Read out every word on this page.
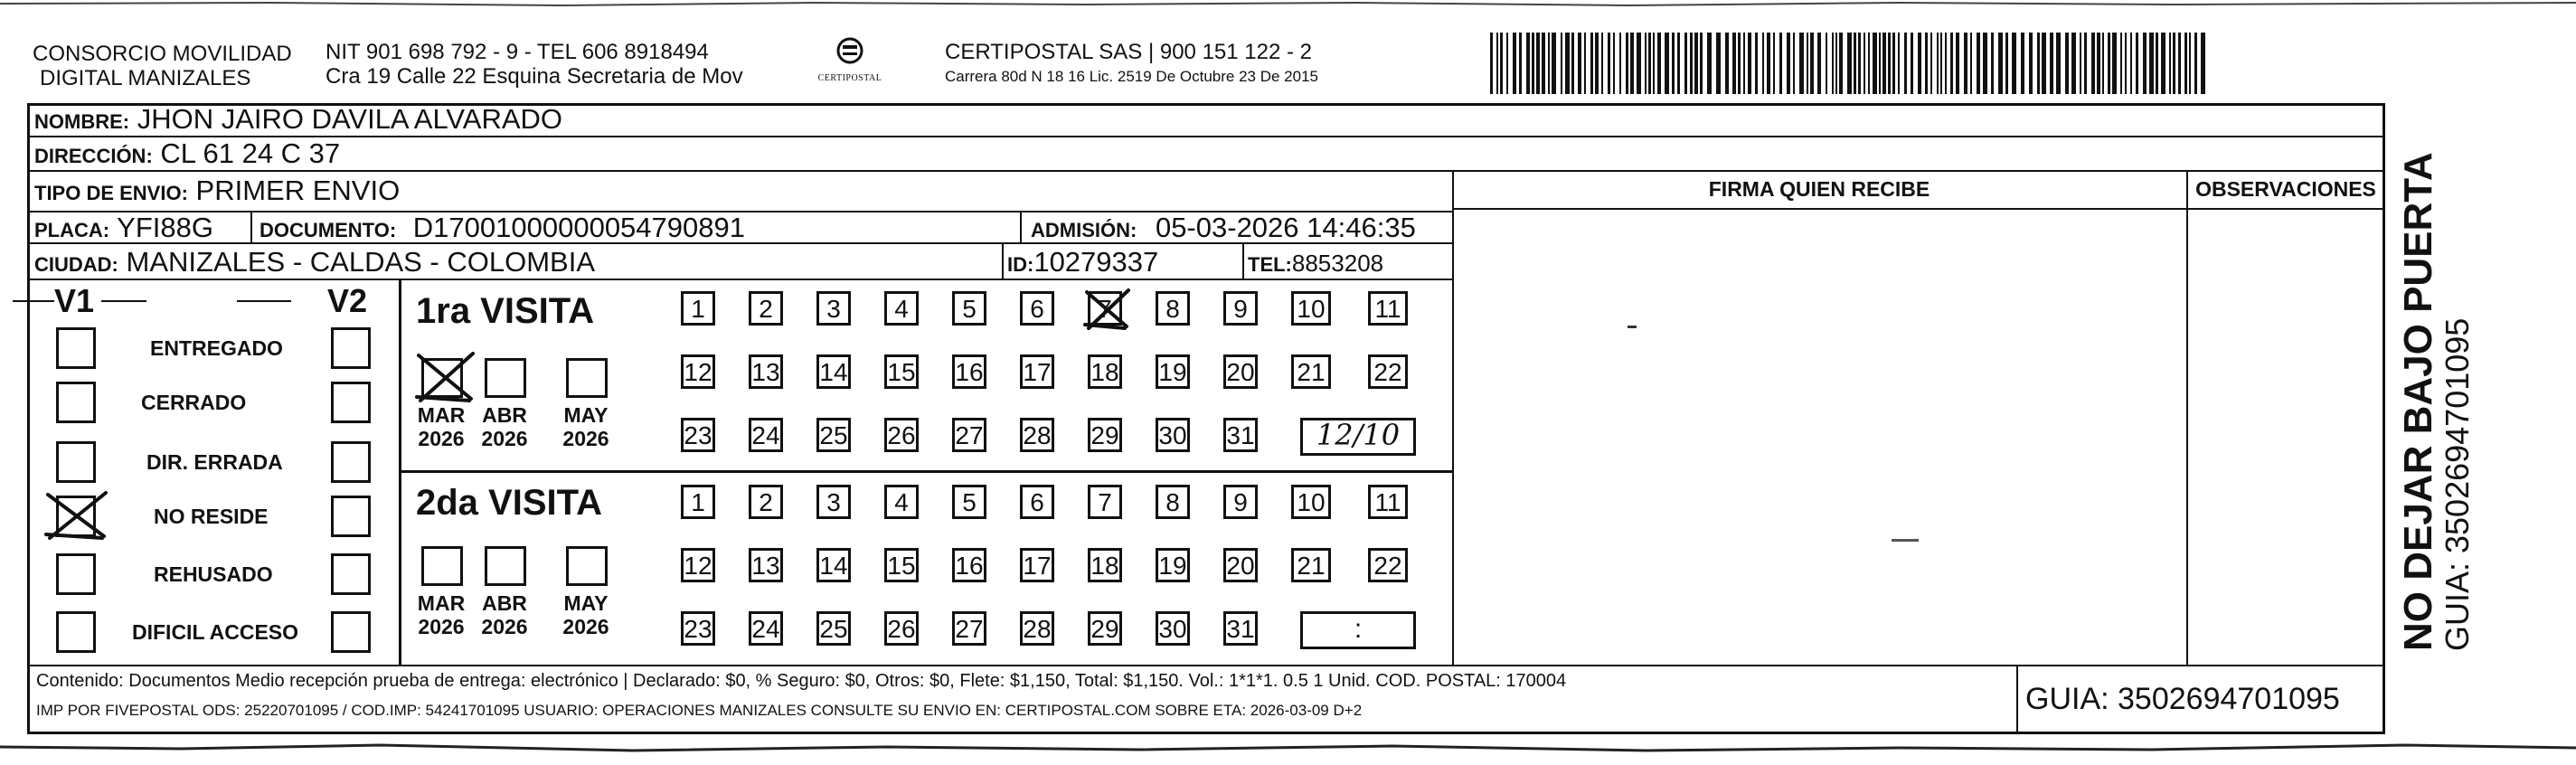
CONSORCIO MOVILIDAD
DIGITAL MANIZALES
NIT 901 698 792 - 9 - TEL 606 8918494
Cra 19 Calle 22 Esquina Secretaria de Mov	CERTIPOSTAL
CERTIPOSTAL SAS | 900 151 122 - 2
Carrera 80d N 18 16 Lic. 2519 De Octubre 23 De 2015
NOMBRE: JHON JAIRO DAVILA ALVARADO
DIRECCIÓN: CL 61 24 C 37
TIPO DE ENVIO: PRIMER ENVIO
PLACA: YFI88G DOCUMENTO: D17001000000054790891	ADMISIÓN: 05-03-2026 14:46:35
CIUDAD: MANIZALES - CALDAS - COLOMBIA	ID:10279337	TEL:8853208
FIRMA QUIEN RECIBE	OBSERVACIONES
V1	V2
ENTREGADO
CERRADO
DIR. ERRADA
NO RESIDE
REHUSADO
DIFICIL ACCESO
1ra VISITA
MAR
2026
ABR
2026
MAY
2026
1	2	3	4	5	6	7	8	9	10 11
12 13 14 15 16 17 18 19 20 21 22
23 24 25 26 27 28 29 30 31	12/10
2da VISITA
MAR
2026
ABR
2026
MAY
2026
1	2	3	4	5	6	7	8	9	10 11
12 13 14 15 16 17 18 19 20 21 22
23 24 25 26 27 28 29 30 31	:
Contenido: Documentos Medio recepción prueba de entrega: electrónico | Declarado: $0, % Seguro: $0, Otros: $0, Flete: $1,150, Total: $1,150. Vol.: 1*1*1. 0.5 1 Unid. COD. POSTAL: 170004
IMP POR FIVEPOSTAL ODS: 25220701095 / COD.IMP: 54241701095 USUARIO: OPERACIONES MANIZALES CONSULTE SU ENVIO EN: CERTIPOSTAL.COM SOBRE ETA: 2026-03-09 D+2	GUIA: 3502694701095
NO DEJAR BAJO PUERTA
GUIA: 3502694701095
